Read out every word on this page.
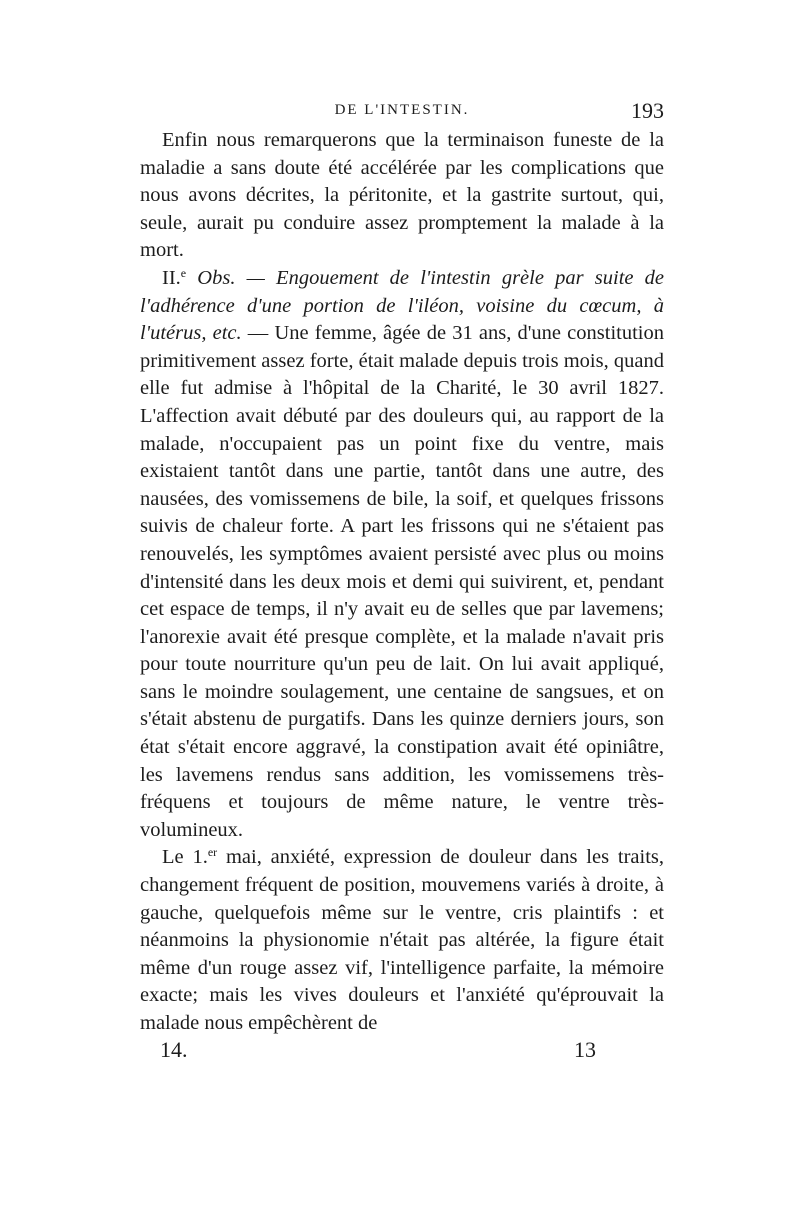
DE L'INTESTIN.	193

Enfin nous remarquerons que la terminaison funeste de la maladie a sans doute été accélérée par les complications que nous avons décrites, la péritonite, et la gastrite surtout, qui, seule, aurait pu conduire assez promptement la malade à la mort.

II.$^e$ Obs. — Engouement de l'intestin grèle par suite de l'adhérence d'une portion de l'iléon, voisine du cœcum, à l'utérus, etc. — Une femme, âgée de 31 ans, d'une constitution primitivement assez forte, était malade depuis trois mois, quand elle fut admise à l'hôpital de la Charité, le 30 avril 1827. L'affection avait débuté par des douleurs qui, au rapport de la malade, n'occupaient pas un point fixe du ventre, mais existaient tantôt dans une partie, tantôt dans une autre, des nausées, des vomissemens de bile, la soif, et quelques frissons suivis de chaleur forte. A part les frissons qui ne s'étaient pas renouvelés, les symptômes avaient persisté avec plus ou moins d'intensité dans les deux mois et demi qui suivirent, et, pendant cet espace de temps, il n'y avait eu de selles que par lavemens; l'anorexie avait été presque complète, et la malade n'avait pris pour toute nourriture qu'un peu de lait. On lui avait appliqué, sans le moindre soulagement, une centaine de sangsues, et on s'était abstenu de purgatifs. Dans les quinze derniers jours, son état s'était encore aggravé, la constipation avait été opiniâtre, les lavemens rendus sans addition, les vomissemens très-fréquens et toujours de même nature, le ventre très-volumineux.

Le 1.$^{er}$ mai, anxiété, expression de douleur dans les traits, changement fréquent de position, mouvemens variés à droite, à gauche, quelquefois même sur le ventre, cris plaintifs : et néanmoins la physionomie n'était pas altérée, la figure était même d'un rouge assez vif, l'intelligence parfaite, la mémoire exacte; mais les vives douleurs et l'anxiété qu'éprouvait la malade nous empêchèrent de

14.	13
